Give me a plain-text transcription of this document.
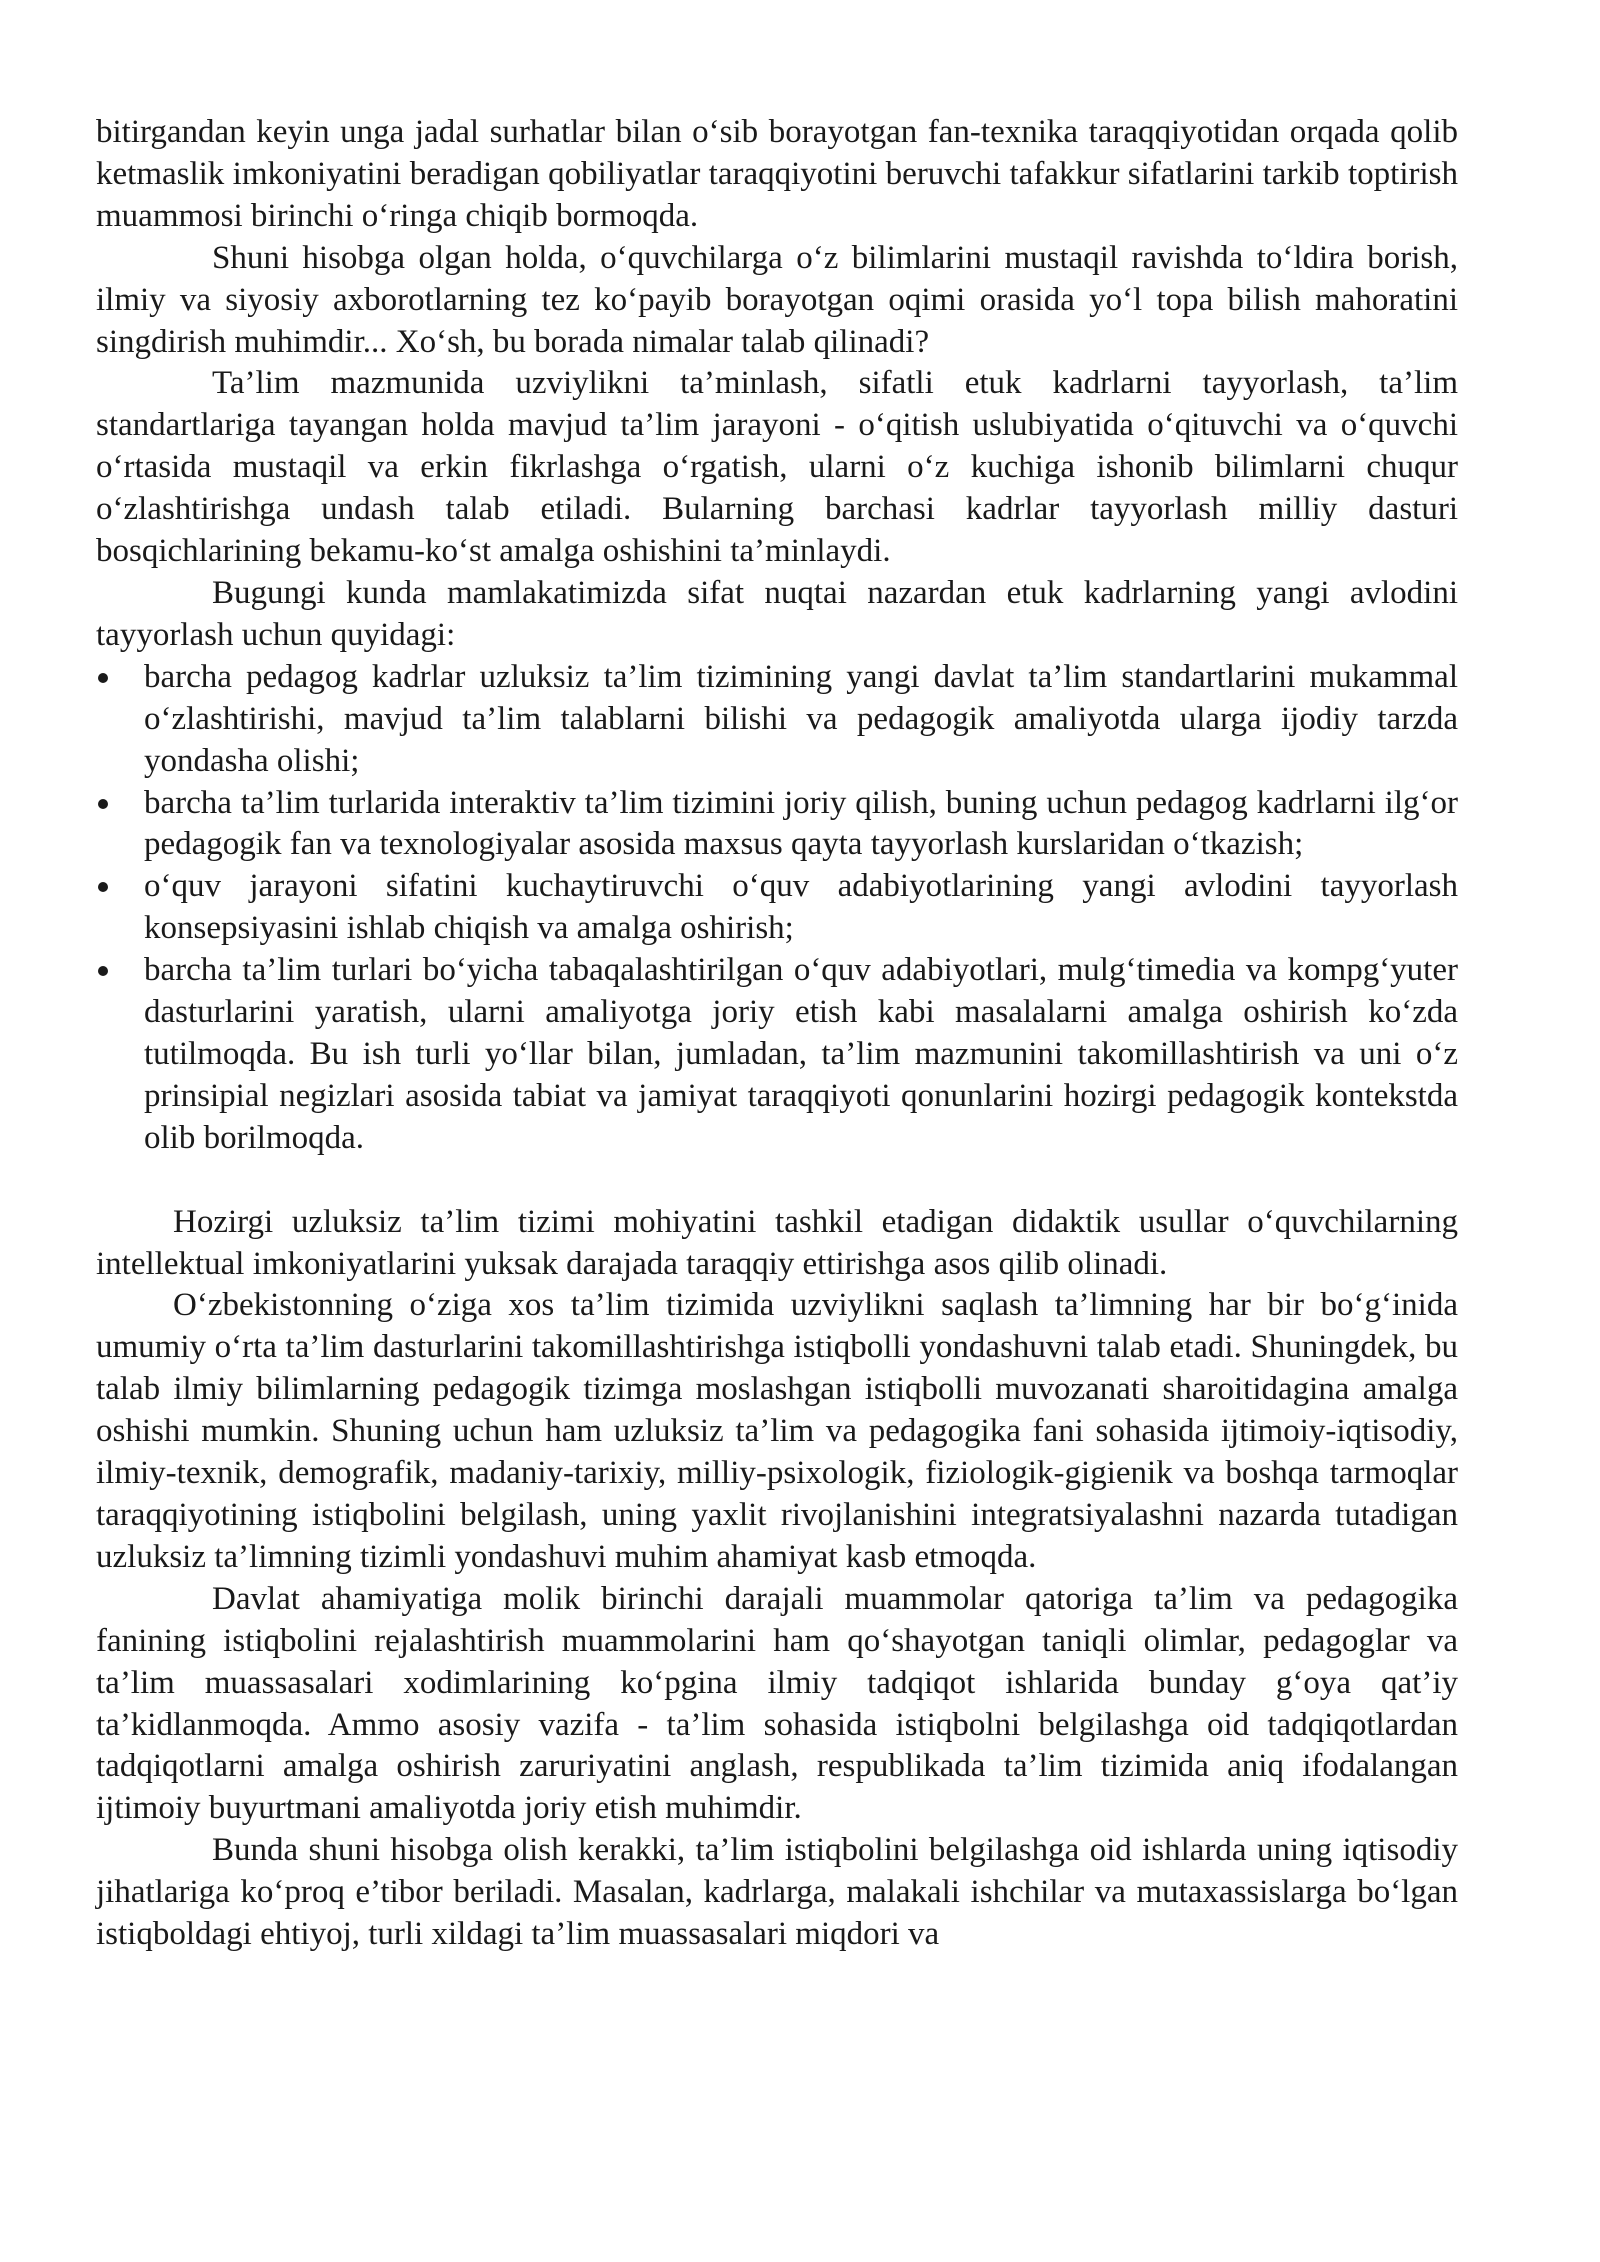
bitirgandan keyin unga jadal surhatlar bilan o‘sib borayotgan fan-texnika taraqqiyotidan orqada qolib ketmaslik imkoniyatini beradigan qobiliyatlar taraqqiyotini beruvchi tafakkur sifatlarini tarkib toptirish muammosi birinchi o‘ringa chiqib bormoqda.

Shuni hisobga olgan holda, o‘quvchilarga o‘z bilimlarini mustaqil ravishda to‘ldira borish, ilmiy va siyosiy axborotlarning tez ko‘payib borayotgan oqimi orasida yo‘l topa bilish mahoratini singdirish muhimdir... Xo‘sh, bu borada nimalar talab qilinadi?

Ta’lim mazmunida uzviylikni ta’minlash, sifatli etuk kadrlarni tayyorlash, ta’lim standartlariga tayangan holda mavjud ta’lim jarayoni - o‘qitish uslubiyatida o‘qituvchi va o‘quvchi o‘rtasida mustaqil va erkin fikrlashga o‘rgatish, ularni o‘z kuchiga ishonib bilimlarni chuqur o‘zlashtirishga undash talab etiladi. Bularning barchasi kadrlar tayyorlash milliy dasturi bosqichlarining bekamu-ko‘st amalga oshishini ta’minlaydi.

Bugungi kunda mamlakatimizda sifat nuqtai nazardan etuk kadrlarning yangi avlodini tayyorlash uchun quyidagi:

barcha pedagog kadrlar uzluksiz ta’lim tizimining yangi davlat ta’lim standartlarini mukammal o‘zlashtirishi, mavjud ta’lim talablarni bilishi va pedagogik amaliyotda ularga ijodiy tarzda yondasha olishi;
barcha ta’lim turlarida interaktiv ta’lim tizimini joriy qilish, buning uchun pedagog kadrlarni ilg‘or pedagogik fan va texnologiyalar asosida maxsus qayta tayyorlash kurslaridan o‘tkazish;
o‘quv jarayoni sifatini kuchaytiruvchi o‘quv adabiyotlarining yangi avlodini tayyorlash konsepsiyasini ishlab chiqish va amalga oshirish;
barcha ta’lim turlari bo‘yicha tabaqalashtirilgan o‘quv adabiyotlari, mulg‘timedia va kompg‘yuter dasturlarini yaratish, ularni amaliyotga joriy etish kabi masalalarni amalga oshirish ko‘zda tutilmoqda. Bu ish turli yo‘llar bilan, jumladan, ta’lim mazmunini takomillashtirish va uni o‘z prinsipial negizlari asosida tabiat va jamiyat taraqqiyoti qonunlarini hozirgi pedagogik kontekstda olib borilmoqda.

Hozirgi uzluksiz ta’lim tizimi mohiyatini tashkil etadigan didaktik usullar o‘quvchilarning intellektual imkoniyatlarini yuksak darajada taraqqiy ettirishga asos qilib olinadi.

O‘zbekistonning o‘ziga xos ta’lim tizimida uzviylikni saqlash ta’limning har bir bo‘g‘inida umumiy o‘rta ta’lim dasturlarini takomillashtirishga istiqbolli yondashuvni talab etadi. Shuningdek, bu talab ilmiy bilimlarning pedagogik tizimga moslashgan istiqbolli muvozanati sharoitidagina amalga oshishi mumkin. Shuning uchun ham uzluksiz ta’lim va pedagogika fani sohasida ijtimoiy-iqtisodiy, ilmiy-texnik, demografik, madaniy-tarixiy, milliy-psixologik, fiziologik-gigienik va boshqa tarmoqlar taraqqiyotining istiqbolini belgilash, uning yaxlit rivojlanishini integratsiyalashni nazarda tutadigan uzluksiz ta’limning tizimli yondashuvi muhim ahamiyat kasb etmoqda.

Davlat ahamiyatiga molik birinchi darajali muammolar qatoriga ta’lim va pedagogika fanining istiqbolini rejalashtirish muammolarini ham qo‘shayotgan taniqli olimlar, pedagoglar va ta’lim muassasalari xodimlarining ko‘pgina ilmiy tadqiqot ishlarida bunday g‘oya qat’iy ta’kidlanmoqda. Ammo asosiy vazifa - ta’lim sohasida istiqbolni belgilashga oid tadqiqotlardan tadqiqotlarni amalga oshirish zaruriyatini anglash, respublikada ta’lim tizimida aniq ifodalangan ijtimoiy buyurtmani amaliyotda joriy etish muhimdir.

Bunda shuni hisobga olish kerakki, ta’lim istiqbolini belgilashga oid ishlarda uning iqtisodiy jihatlariga ko‘proq e’tibor beriladi. Masalan, kadrlarga, malakali ishchilar va mutaxassislarga bo‘lgan istiqboldagi ehtiyoj, turli xildagi ta’lim muassasalari miqdori va
